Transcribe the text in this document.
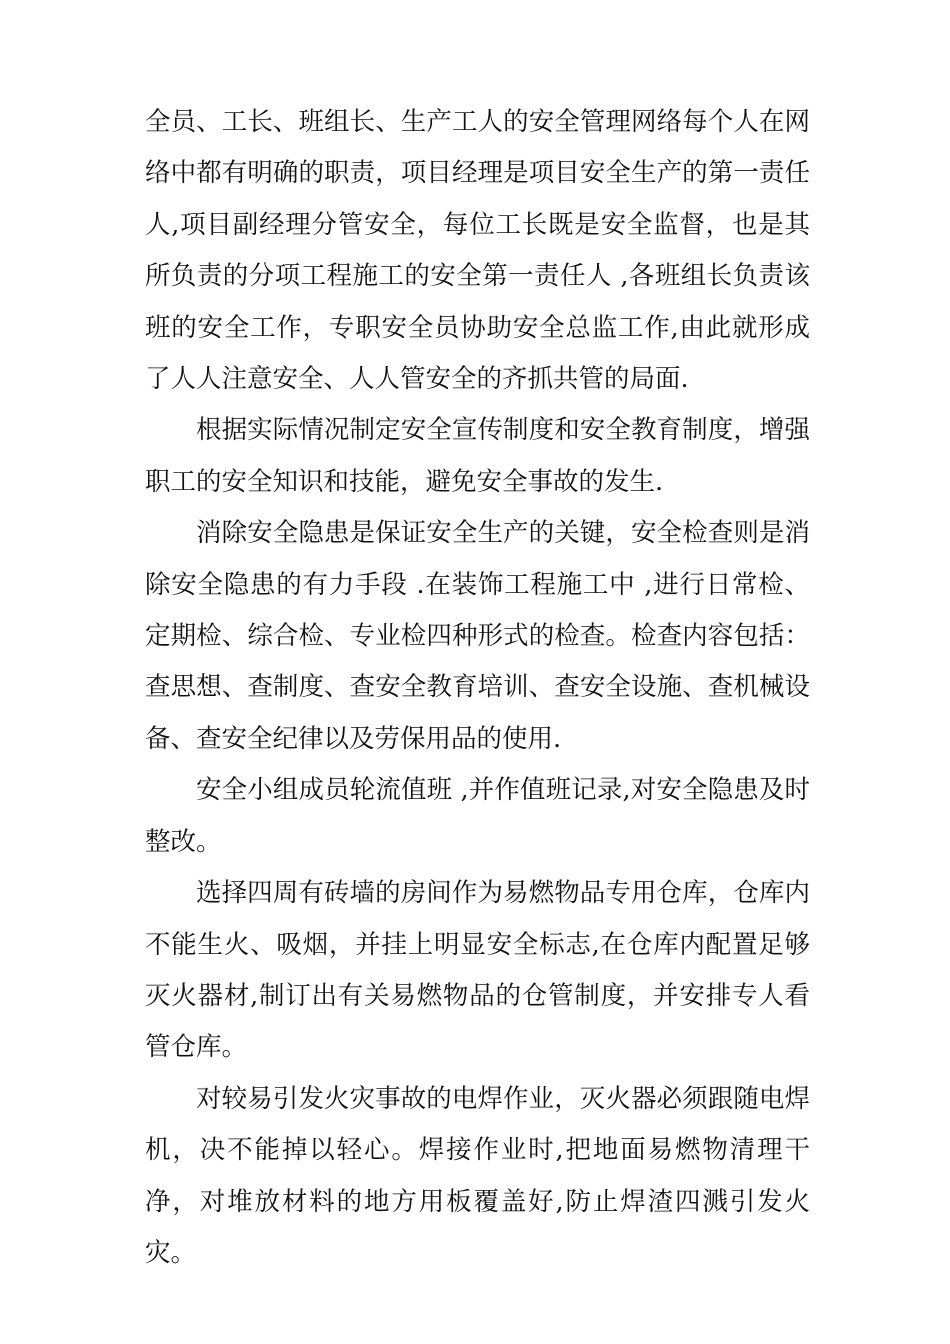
全员、工长、班组长、生产工人的安全管理网络每个人在网络中都有明确的职责，项目经理是项目安全生产的第一责任人,项目副经理分管安全，每位工长既是安全监督，也是其所负责的分项工程施工的安全第一责任人 ,各班组长负责该班的安全工作，专职安全员协助安全总监工作,由此就形成了人人注意安全、人人管安全的齐抓共管的局面.

根据实际情况制定安全宣传制度和安全教育制度，增强职工的安全知识和技能，避免安全事故的发生.

消除安全隐患是保证安全生产的关键，安全检查则是消除安全隐患的有力手段 .在装饰工程施工中 ,进行日常检、定期检、综合检、专业检四种形式的检查。检查内容包括：查思想、查制度、查安全教育培训、查安全设施、查机械设备、查安全纪律以及劳保用品的使用.

安全小组成员轮流值班 ,并作值班记录,对安全隐患及时整改。

选择四周有砖墙的房间作为易燃物品专用仓库，仓库内不能生火、吸烟，并挂上明显安全标志,在仓库内配置足够灭火器材,制订出有关易燃物品的仓管制度，并安排专人看管仓库。

对较易引发火灾事故的电焊作业，灭火器必须跟随电焊机，决不能掉以轻心。焊接作业时,把地面易燃物清理干净，对堆放材料的地方用板覆盖好,防止焊渣四溅引发火灾。
